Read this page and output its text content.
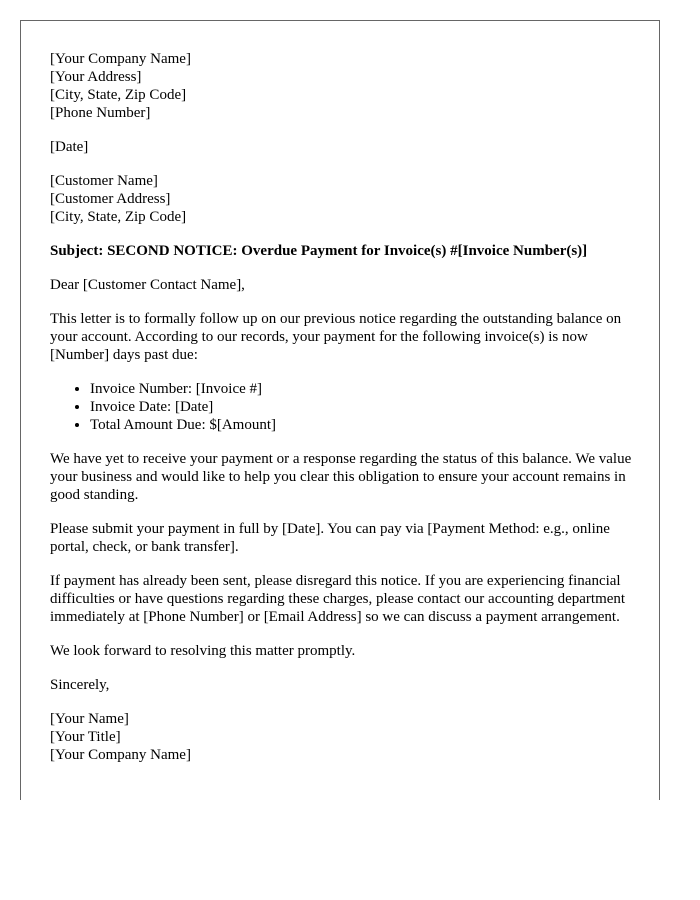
[Your Company Name]
[Your Address]
[City, State, Zip Code]
[Phone Number]
[Date]
[Customer Name]
[Customer Address]
[City, State, Zip Code]

Subject: SECOND NOTICE: Overdue Payment for Invoice(s) #[Invoice Number(s)]

Dear [Customer Contact Name],

This letter is to formally follow up on our previous notice regarding the outstanding balance on your account. According to our records, your payment for the following invoice(s) is now [Number] days past due:

• Invoice Number: [Invoice #]
• Invoice Date: [Date]
• Total Amount Due: $[Amount]

We have yet to receive your payment or a response regarding the status of this balance. We value your business and would like to help you clear this obligation to ensure your account remains in good standing.

Please submit your payment in full by [Date]. You can pay via [Payment Method: e.g., online portal, check, or bank transfer].

If payment has already been sent, please disregard this notice. If you are experiencing financial difficulties or have questions regarding these charges, please contact our accounting department immediately at [Phone Number] or [Email Address] so we can discuss a payment arrangement.

We look forward to resolving this matter promptly.

Sincerely,

[Your Name]
[Your Title]
[Your Company Name]
